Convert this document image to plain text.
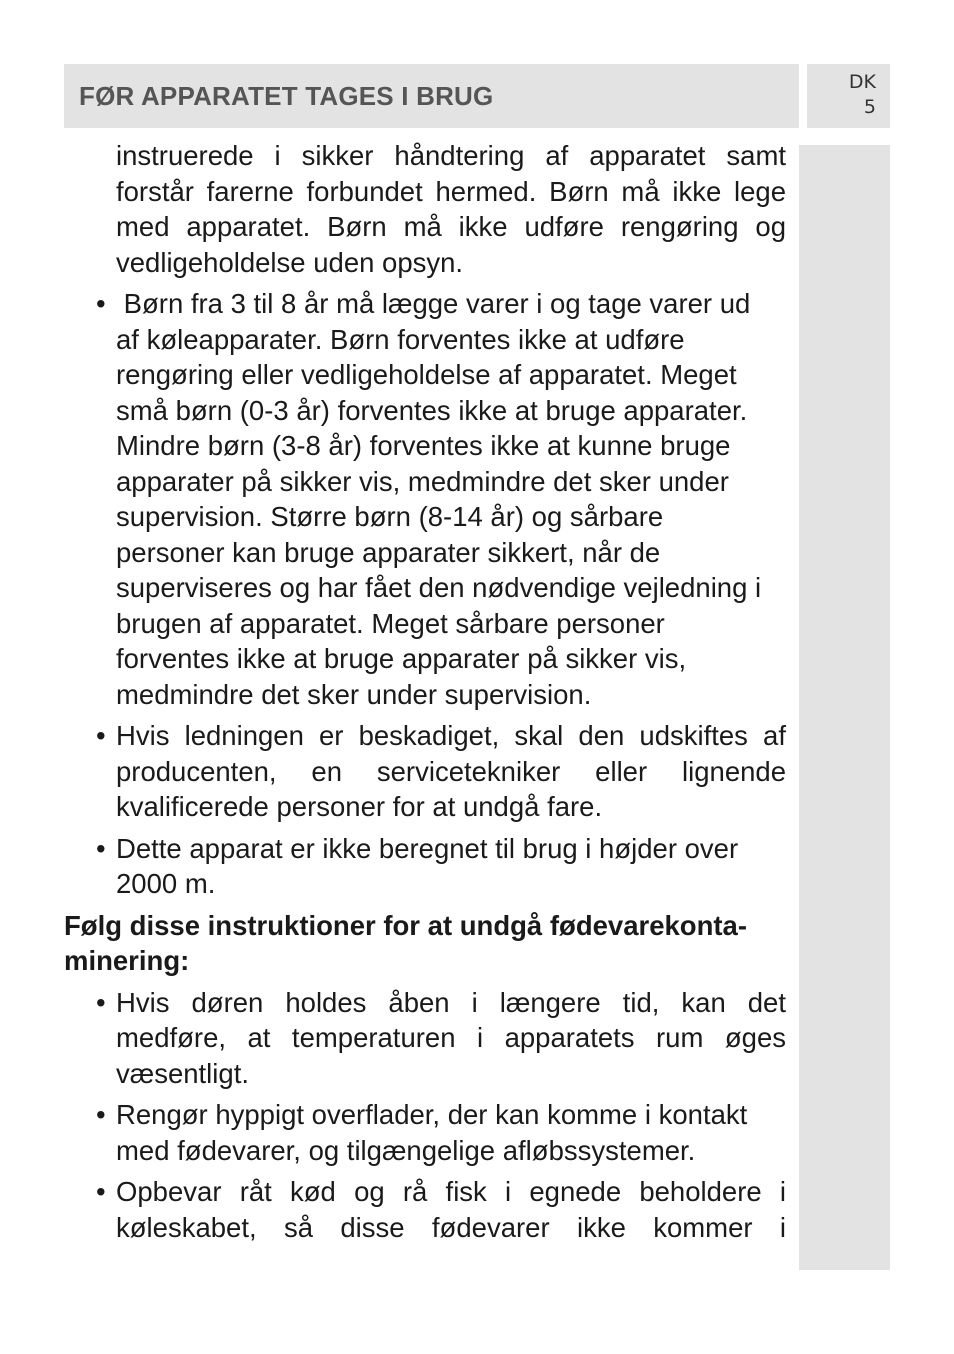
FØR APPARATET TAGES I BRUG	DK
5

instruerede i sikker håndtering af apparatet samt forstår farerne forbundet hermed. Børn må ikke lege med apparatet. Børn må ikke udføre rengøring og vedligeholdelse uden opsyn.

• Børn fra 3 til 8 år må lægge varer i og tage varer ud af køleapparater. Børn forventes ikke at udføre rengøring eller vedligeholdelse af apparatet. Meget små børn (0-3 år) forventes ikke at bruge apparater. Mindre børn (3-8 år) forventes ikke at kunne bruge apparater på sikker vis, medmindre det sker under supervision. Større børn (8-14 år) og sårbare personer kan bruge apparater sikkert, når de superviseres og har fået den nødvendige vejledning i brugen af apparatet. Meget sårbare personer forventes ikke at bruge apparater på sikker vis, medmindre det sker under supervision.
• Hvis ledningen er beskadiget, skal den udskiftes af producenten, en servicetekniker eller lignende kvalificerede personer for at undgå fare.
• Dette apparat er ikke beregnet til brug i højder over 2000 m.

Følg disse instruktioner for at undgå fødevarekonta-minering:

• Hvis døren holdes åben i længere tid, kan det medføre, at temperaturen i apparatets rum øges væsentligt.
• Rengør hyppigt overflader, der kan komme i kontakt med fødevarer, og tilgængelige afløbssystemer.
• Opbevar råt kød og rå fisk i egnede beholdere i køleskabet, så disse fødevarer ikke kommer i
